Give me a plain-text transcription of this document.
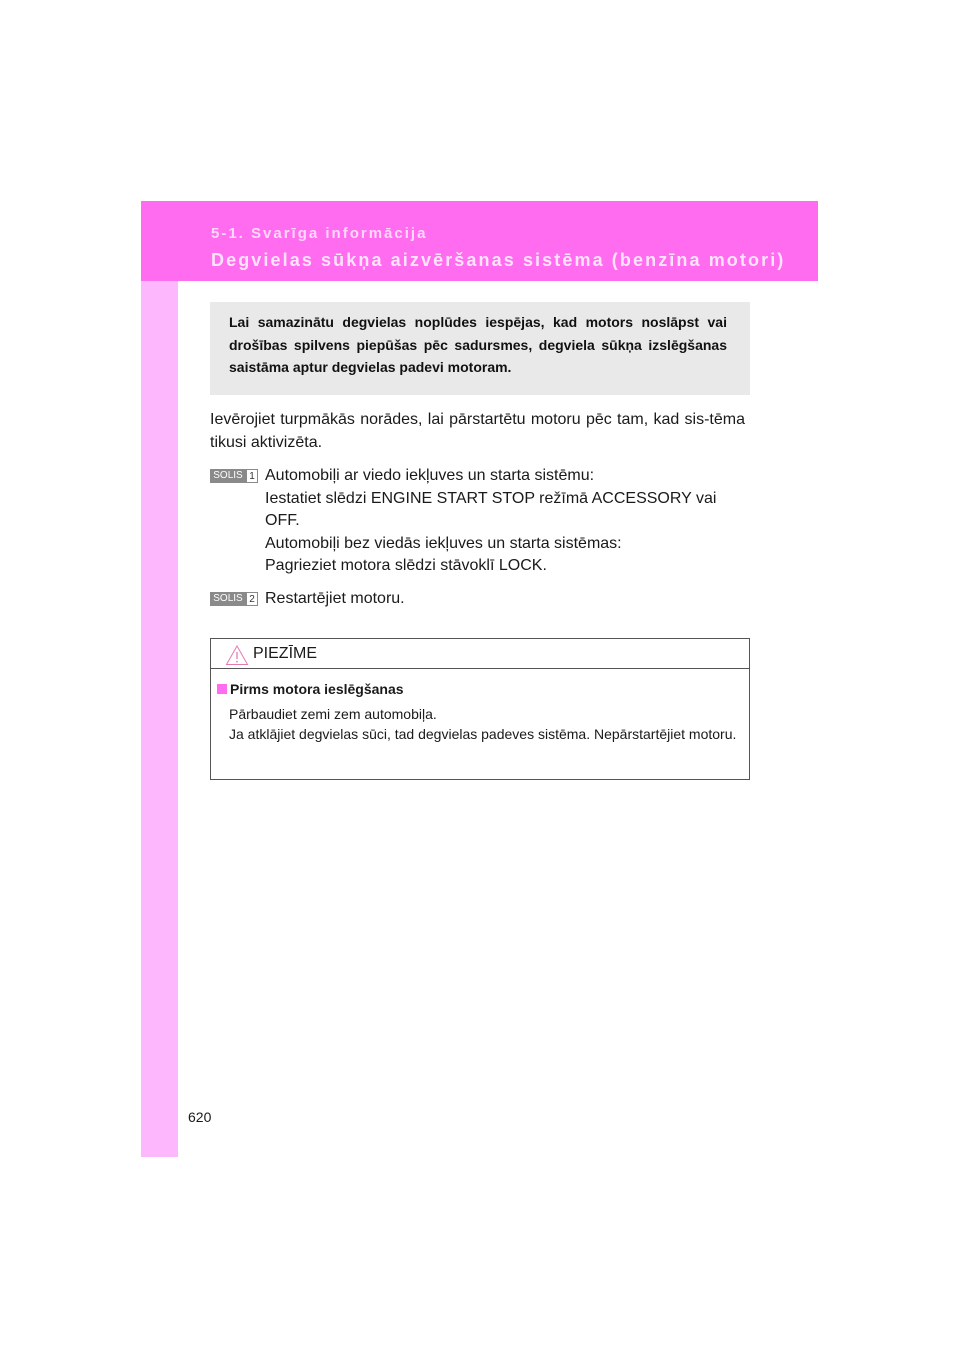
5-1. Svarīga informācija
Degvielas sūkņa aizvēršanas sistēma (benzīna motori)

Lai samazinātu degvielas noplūdes iespējas, kad motors noslāpst vai drošības spilvens piepūšas pēc sadursmes, degviela sūkņa izslēgšanas saistāma aptur degvielas padevi motoram.

Ievērojiet turpmākās norādes, lai pārstartētu motoru pēc tam, kad sis-tēma tikusi aktivizēta.

SOLIS 1 Automobiļi ar viedo iekļuves un starta sistēmu:
Iestatiet slēdzi ENGINE START STOP režīmā ACCESSORY vai
OFF.
Automobiļi bez viedās iekļuves un starta sistēmas:
Pagrieziet motora slēdzi stāvoklī LOCK.
SOLIS 2 Restartējiet motoru.
PIEZĪME
Pirms motora ieslēgšanas

Pārbaudiet zemi zem automobiļa.

Ja atklājiet degvielas sūci, tad degvielas padeves sistēma. Nepārstartējiet motoru.

620
